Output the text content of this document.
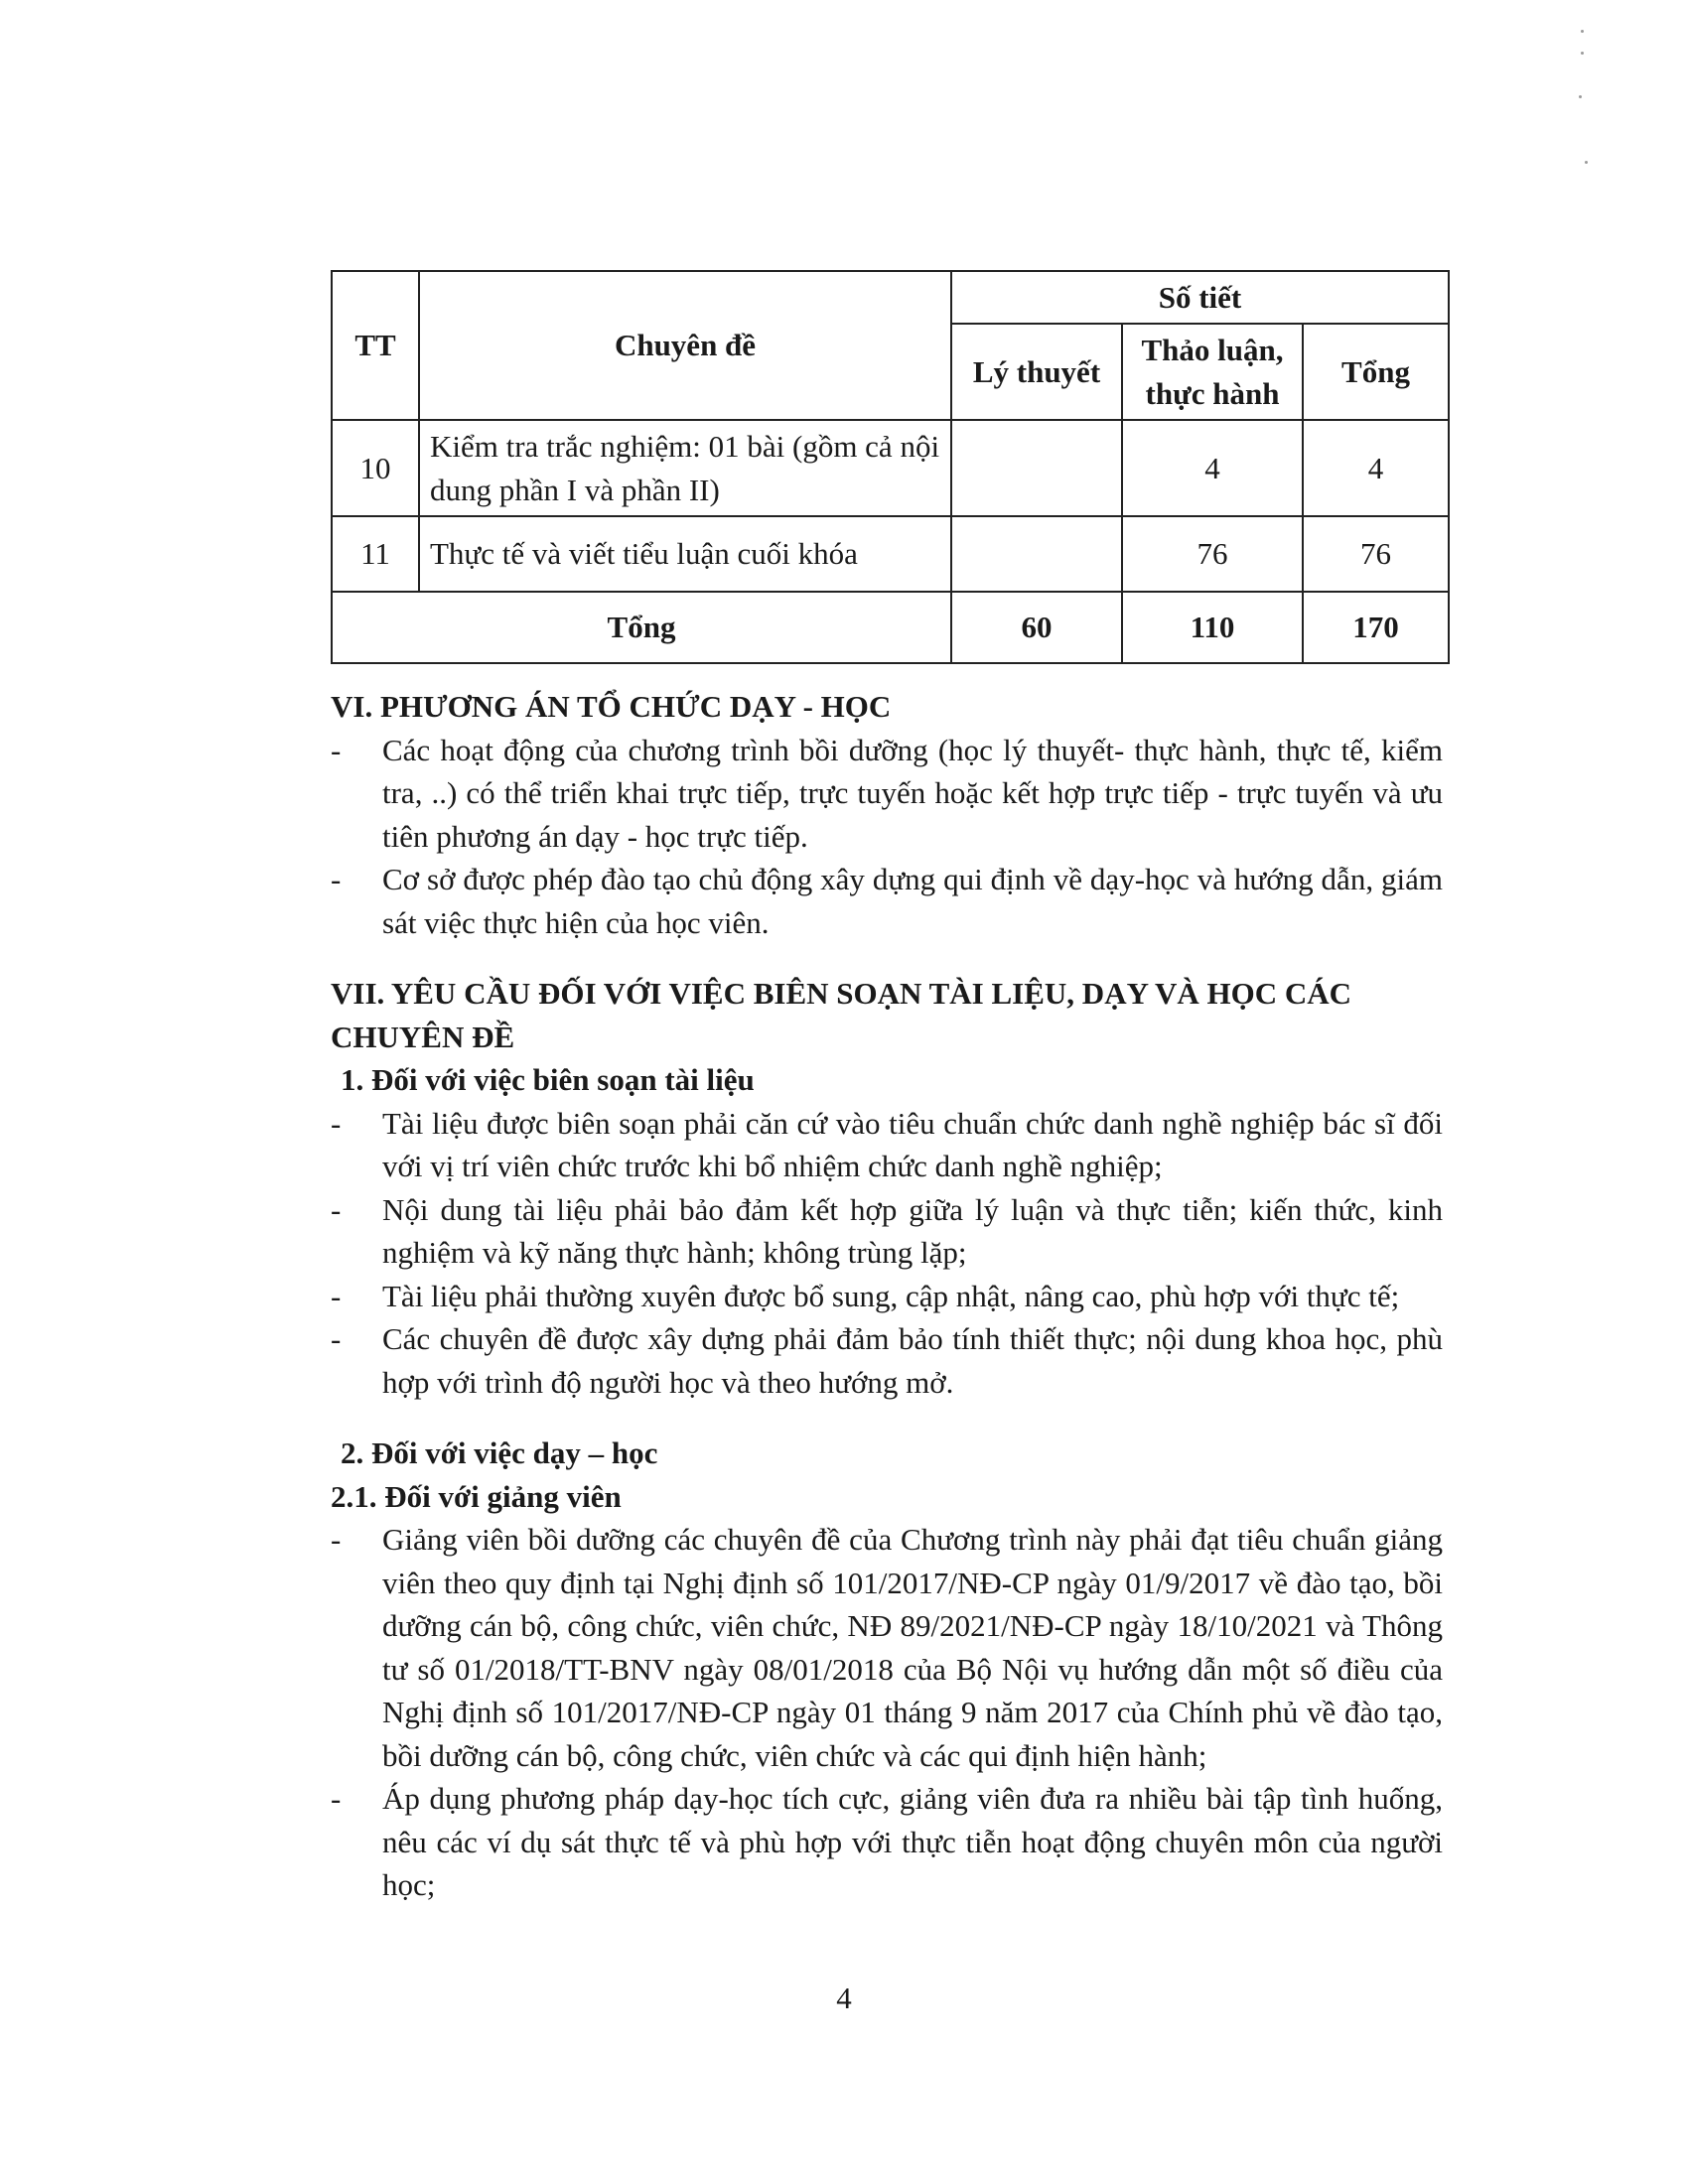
TT	Chuyên đề	Số tiết		
		Lý thuyết	Thảo luận, thực hành	Tổng
10	Kiểm tra trắc nghiệm: 01 bài (gồm cả nội dung phần I và phần II)		4	4
11	Thực tế và viết tiểu luận cuối khóa		76	76
Tổng		60	110	170
VI. PHƯƠNG ÁN TỔ CHỨC DẠY - HỌC
- Các hoạt động của chương trình bồi dưỡng (học lý thuyết- thực hành, thực tế, kiểm tra, ..) có thể triển khai trực tiếp, trực tuyến hoặc kết hợp trực tiếp - trực tuyến và ưu tiên phương án dạy - học trực tiếp.
- Cơ sở được phép đào tạo chủ động xây dựng qui định về dạy-học và hướng dẫn, giám sát việc thực hiện của học viên.
VII. YÊU CẦU ĐỐI VỚI VIỆC BIÊN SOẠN TÀI LIỆU, DẠY VÀ HỌC CÁC CHUYÊN ĐỀ
1. Đối với việc biên soạn tài liệu
- Tài liệu được biên soạn phải căn cứ vào tiêu chuẩn chức danh nghề nghiệp bác sĩ đối với vị trí viên chức trước khi bổ nhiệm chức danh nghề nghiệp;
- Nội dung tài liệu phải bảo đảm kết hợp giữa lý luận và thực tiễn; kiến thức, kinh nghiệm và kỹ năng thực hành; không trùng lặp;
- Tài liệu phải thường xuyên được bổ sung, cập nhật, nâng cao, phù hợp với thực tế;
- Các chuyên đề được xây dựng phải đảm bảo tính thiết thực; nội dung khoa học, phù hợp với trình độ người học và theo hướng mở.
2. Đối với việc dạy – học
2.1. Đối với giảng viên
- Giảng viên bồi dưỡng các chuyên đề của Chương trình này phải đạt tiêu chuẩn giảng viên theo quy định tại Nghị định số 101/2017/NĐ-CP ngày 01/9/2017 về đào tạo, bồi dưỡng cán bộ, công chức, viên chức, NĐ 89/2021/NĐ-CP ngày 18/10/2021 và Thông tư số 01/2018/TT-BNV ngày 08/01/2018 của Bộ Nội vụ hướng dẫn một số điều của Nghị định số 101/2017/NĐ-CP ngày 01 tháng 9 năm 2017 của Chính phủ về đào tạo, bồi dưỡng cán bộ, công chức, viên chức và các qui định hiện hành;
- Áp dụng phương pháp dạy-học tích cực, giảng viên đưa ra nhiều bài tập tình huống, nêu các ví dụ sát thực tế và phù hợp với thực tiễn hoạt động chuyên môn của người học;
4
